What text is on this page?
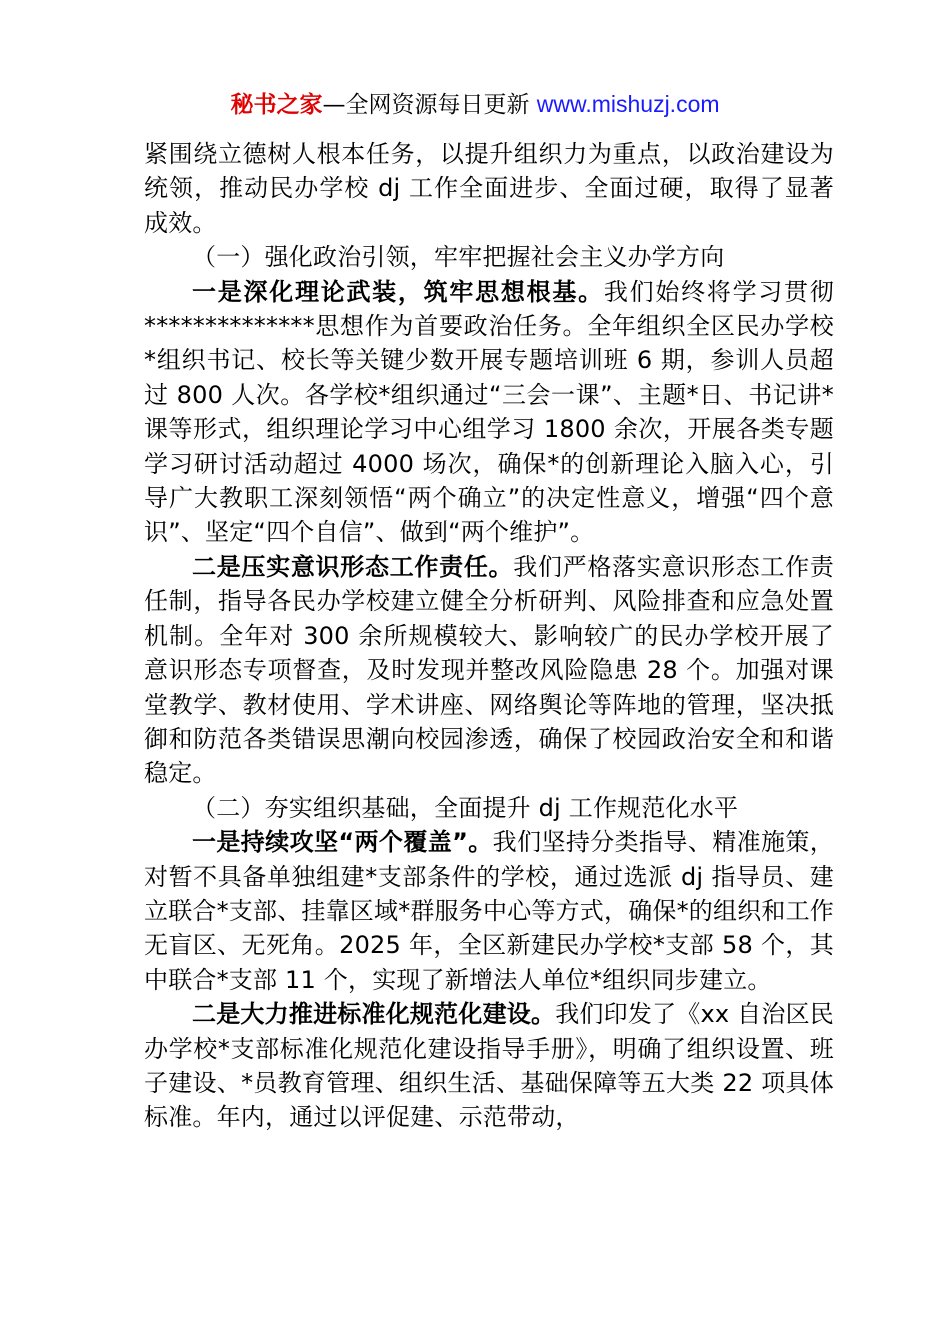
秘书之家—全网资源每日更新 www.mishuzj.com

紧围绕立德树人根本任务，以提升组织力为重点，以政治建设为统领，推动民办学校 dj 工作全面进步、全面过硬，取得了显著成效。

（一）强化政治引领，牢牢把握社会主义办学方向

一是深化理论武装，筑牢思想根基。我们始终将学习贯彻**************思想作为首要政治任务。全年组织全区民办学校*组织书记、校长等关键少数开展专题培训班 6 期，参训人员超过 800 人次。各学校*组织通过“三会一课”、主题*日、书记讲*课等形式，组织理论学习中心组学习 1800 余次，开展各类专题学习研讨活动超过 4000 场次，确保*的创新理论入脑入心，引导广大教职工深刻领悟“两个确立”的决定性意义，增强“四个意识”、坚定“四个自信”、做到“两个维护”。

二是压实意识形态工作责任。我们严格落实意识形态工作责任制，指导各民办学校建立健全分析研判、风险排查和应急处置机制。全年对 300 余所规模较大、影响较广的民办学校开展了意识形态专项督查，及时发现并整改风险隐患 28 个。加强对课堂教学、教材使用、学术讲座、网络舆论等阵地的管理，坚决抵御和防范各类错误思潮向校园渗透，确保了校园政治安全和和谐稳定。

（二）夯实组织基础，全面提升 dj 工作规范化水平

一是持续攻坚“两个覆盖”。我们坚持分类指导、精准施策，对暂不具备单独组建*支部条件的学校，通过选派 dj 指导员、建立联合*支部、挂靠区域*群服务中心等方式，确保*的组织和工作无盲区、无死角。2025 年，全区新建民办学校*支部 58 个，其中联合*支部 11 个，实现了新增法人单位*组织同步建立。

二是大力推进标准化规范化建设。我们印发了《xx 自治区民办学校*支部标准化规范化建设指导手册》，明确了组织设置、班子建设、*员教育管理、组织生活、基础保障等五大类 22 项具体标准。年内，通过以评促建、示范带动，
